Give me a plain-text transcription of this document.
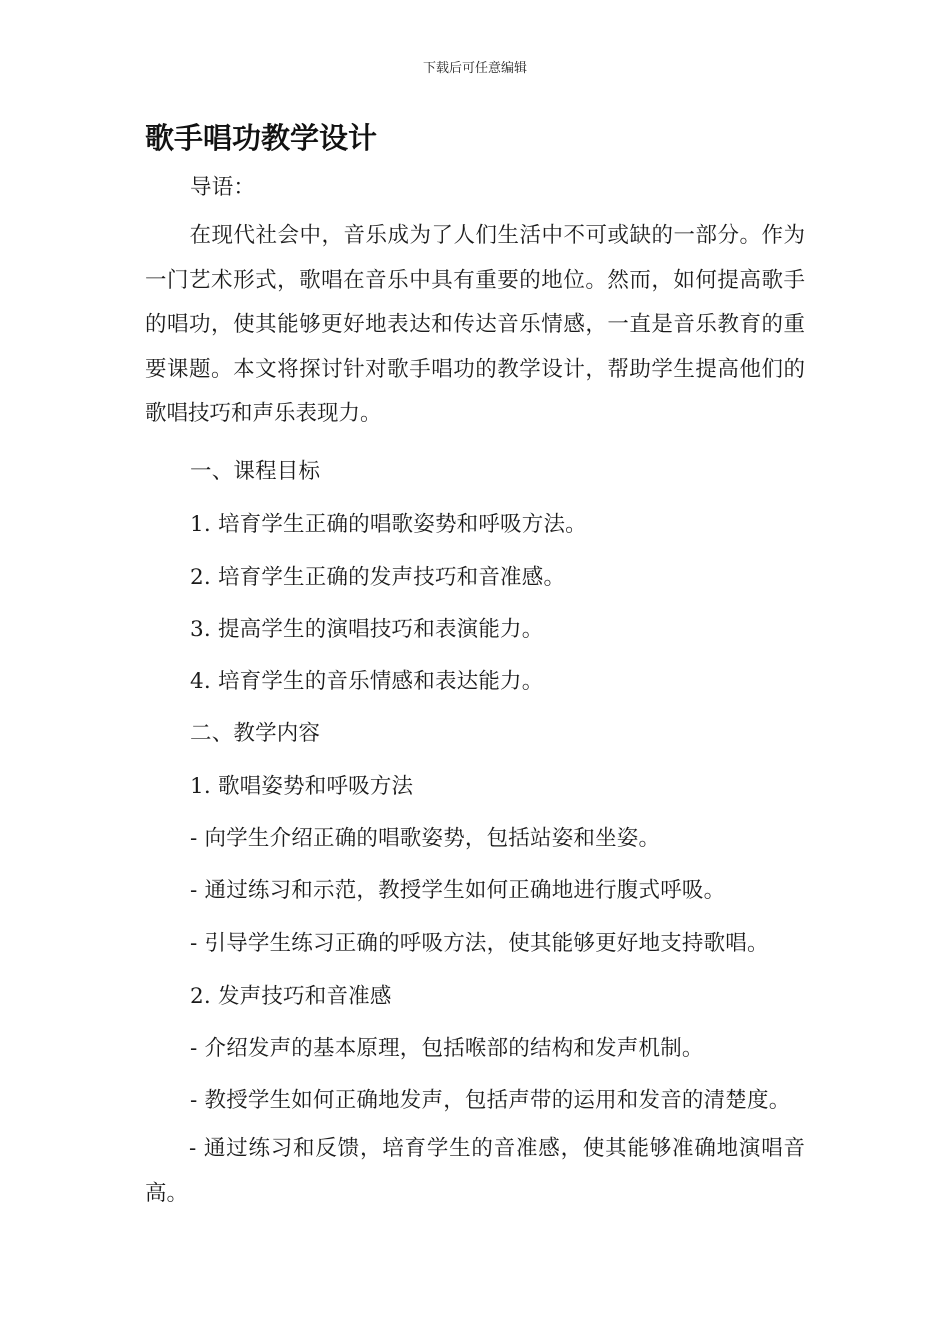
下载后可任意编辑
歌手唱功教学设计
导语：
在现代社会中，音乐成为了人们生活中不可或缺的一部分。作为一门艺术形式，歌唱在音乐中具有重要的地位。然而，如何提高歌手的唱功，使其能够更好地表达和传达音乐情感，一直是音乐教育的重要课题。本文将探讨针对歌手唱功的教学设计，帮助学生提高他们的歌唱技巧和声乐表现力。
一、课程目标
1. 培育学生正确的唱歌姿势和呼吸方法。
2. 培育学生正确的发声技巧和音准感。
3. 提高学生的演唱技巧和表演能力。
4. 培育学生的音乐情感和表达能力。
二、教学内容
1. 歌唱姿势和呼吸方法
- 向学生介绍正确的唱歌姿势，包括站姿和坐姿。
- 通过练习和示范，教授学生如何正确地进行腹式呼吸。
- 引导学生练习正确的呼吸方法，使其能够更好地支持歌唱。
2. 发声技巧和音准感
- 介绍发声的基本原理，包括喉部的结构和发声机制。
- 教授学生如何正确地发声，包括声带的运用和发音的清楚度。
- 通过练习和反馈，培育学生的音准感，使其能够准确地演唱音高。
